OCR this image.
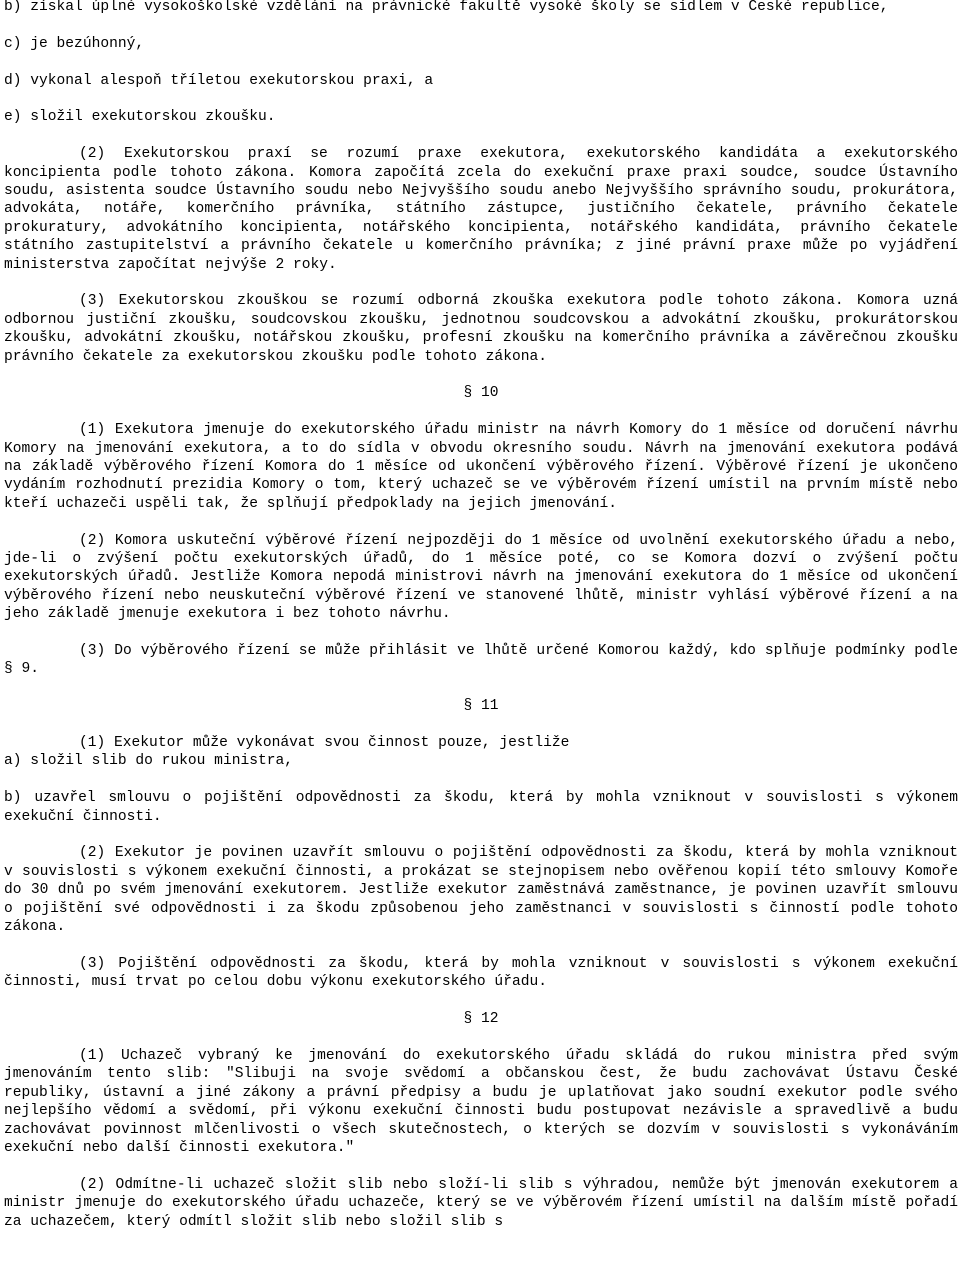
b) získal úplné vysokoškolské vzdělání na právnické fakultě vysoké školy se sídlem v České republice,

c) je bezúhonný,

d) vykonal alespoň tříletou exekutorskou praxi, a

e) složil exekutorskou zkoušku.

(2) Exekutorskou praxí se rozumí praxe exekutora, exekutorského kandidáta a exekutorského koncipienta podle tohoto zákona. Komora započítá zcela do exekuční praxe praxi soudce, soudce Ústavního soudu, asistenta soudce Ústavního soudu nebo Nejvyššího soudu anebo Nejvyššího správního soudu, prokurátora, advokáta, notáře, komerčního právníka, státního zástupce, justičního čekatele, právního čekatele prokuratury, advokátního koncipienta, notářského koncipienta, notářského kandidáta, právního čekatele státního zastupitelství a právního čekatele u komerčního právníka; z jiné právní praxe může po vyjádření ministerstva započítat nejvýše 2 roky.

(3) Exekutorskou zkouškou se rozumí odborná zkouška exekutora podle tohoto zákona. Komora uzná odbornou justiční zkoušku, soudcovskou zkoušku, jednotnou soudcovskou a advokátní zkoušku, prokurátorskou zkoušku, advokátní zkoušku, notářskou zkoušku, profesní zkoušku na komerčního právníka a závěrečnou zkoušku právního čekatele za exekutorskou zkoušku podle tohoto zákona.

§ 10

(1) Exekutora jmenuje do exekutorského úřadu ministr na návrh Komory do 1 měsíce od doručení návrhu Komory na jmenování exekutora, a to do sídla v obvodu okresního soudu. Návrh na jmenování exekutora podává na základě výběrového řízení Komora do 1 měsíce od ukončení výběrového řízení. Výběrové řízení je ukončeno vydáním rozhodnutí prezidia Komory o tom, který uchazeč se ve výběrovém řízení umístil na prvním místě nebo kteří uchazeči uspěli tak, že splňují předpoklady na jejich jmenování.

(2) Komora uskuteční výběrové řízení nejpozději do 1 měsíce od uvolnění exekutorského úřadu a nebo, jde-li o zvýšení počtu exekutorských úřadů, do 1 měsíce poté, co se Komora dozví o zvýšení počtu exekutorských úřadů. Jestliže Komora nepodá ministrovi návrh na jmenování exekutora do 1 měsíce od ukončení výběrového řízení nebo neuskuteční výběrové řízení ve stanovené lhůtě, ministr vyhlásí výběrové řízení a na jeho základě jmenuje exekutora i bez tohoto návrhu.

(3) Do výběrového řízení se může přihlásit ve lhůtě určené Komorou každý, kdo splňuje podmínky podle § 9.

§ 11

(1) Exekutor může vykonávat svou činnost pouze, jestliže

a) složil slib do rukou ministra,

b) uzavřel smlouvu o pojištění odpovědnosti za škodu, která by mohla vzniknout v souvislosti s výkonem exekuční činnosti.

(2) Exekutor je povinen uzavřít smlouvu o pojištění odpovědnosti za škodu, která by mohla vzniknout v souvislosti s výkonem exekuční činnosti, a prokázat se stejnopisem nebo ověřenou kopií této smlouvy Komoře do 30 dnů po svém jmenování exekutorem. Jestliže exekutor zaměstnává zaměstnance, je povinen uzavřít smlouvu o pojištění své odpovědnosti i za škodu způsobenou jeho zaměstnanci v souvislosti s činností podle tohoto zákona.

(3) Pojištění odpovědnosti za škodu, která by mohla vzniknout v souvislosti s výkonem exekuční činnosti, musí trvat po celou dobu výkonu exekutorského úřadu.

§ 12

(1) Uchazeč vybraný ke jmenování do exekutorského úřadu skládá do rukou ministra před svým jmenováním tento slib: "Slibuji na svoje svědomí a občanskou čest, že budu zachovávat Ústavu České republiky, ústavní a jiné zákony a právní předpisy a budu je uplatňovat jako soudní exekutor podle svého nejlepšího vědomí a svědomí, při výkonu exekuční činnosti budu postupovat nezávisle a spravedlivě a budu zachovávat povinnost mlčenlivosti o všech skutečnostech, o kterých se dozvím v souvislosti s vykonáváním exekuční nebo další činnosti exekutora."

(2) Odmítne-li uchazeč složit slib nebo složí-li slib s výhradou, nemůže být jmenován exekutorem a ministr jmenuje do exekutorského úřadu uchazeče, který se ve výběrovém řízení umístil na dalším místě pořadí za uchazečem, který odmítl složit slib nebo složil slib s
